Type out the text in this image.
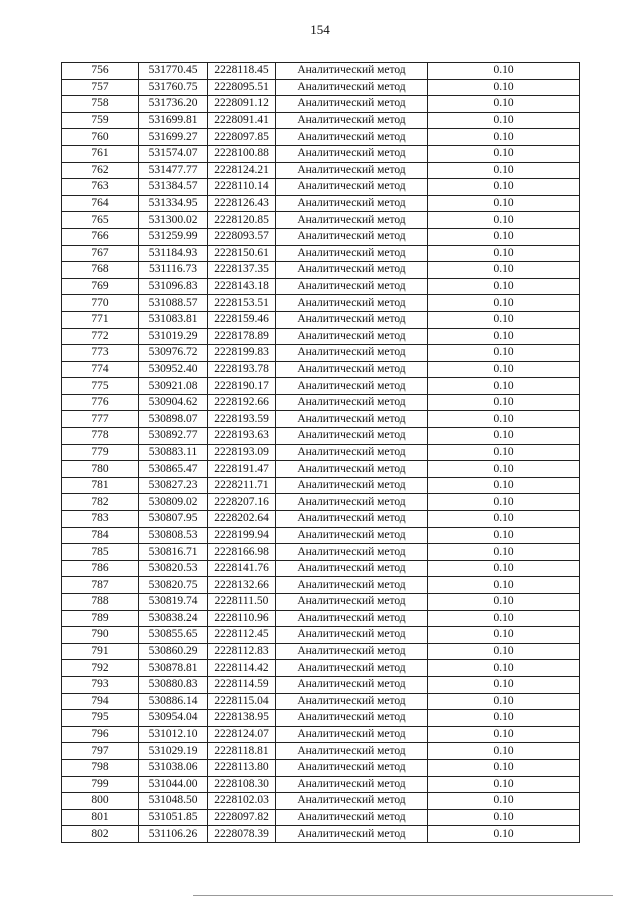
154
756	531770.45	2228118.45	Аналитический метод	0.10
757	531760.75	2228095.51	Аналитический метод	0.10
758	531736.20	2228091.12	Аналитический метод	0.10
759	531699.81	2228091.41	Аналитический метод	0.10
760	531699.27	2228097.85	Аналитический метод	0.10
761	531574.07	2228100.88	Аналитический метод	0.10
762	531477.77	2228124.21	Аналитический метод	0.10
763	531384.57	2228110.14	Аналитический метод	0.10
764	531334.95	2228126.43	Аналитический метод	0.10
765	531300.02	2228120.85	Аналитический метод	0.10
766	531259.99	2228093.57	Аналитический метод	0.10
767	531184.93	2228150.61	Аналитический метод	0.10
768	531116.73	2228137.35	Аналитический метод	0.10
769	531096.83	2228143.18	Аналитический метод	0.10
770	531088.57	2228153.51	Аналитический метод	0.10
771	531083.81	2228159.46	Аналитический метод	0.10
772	531019.29	2228178.89	Аналитический метод	0.10
773	530976.72	2228199.83	Аналитический метод	0.10
774	530952.40	2228193.78	Аналитический метод	0.10
775	530921.08	2228190.17	Аналитический метод	0.10
776	530904.62	2228192.66	Аналитический метод	0.10
777	530898.07	2228193.59	Аналитический метод	0.10
778	530892.77	2228193.63	Аналитический метод	0.10
779	530883.11	2228193.09	Аналитический метод	0.10
780	530865.47	2228191.47	Аналитический метод	0.10
781	530827.23	2228211.71	Аналитический метод	0.10
782	530809.02	2228207.16	Аналитический метод	0.10
783	530807.95	2228202.64	Аналитический метод	0.10
784	530808.53	2228199.94	Аналитический метод	0.10
785	530816.71	2228166.98	Аналитический метод	0.10
786	530820.53	2228141.76	Аналитический метод	0.10
787	530820.75	2228132.66	Аналитический метод	0.10
788	530819.74	2228111.50	Аналитический метод	0.10
789	530838.24	2228110.96	Аналитический метод	0.10
790	530855.65	2228112.45	Аналитический метод	0.10
791	530860.29	2228112.83	Аналитический метод	0.10
792	530878.81	2228114.42	Аналитический метод	0.10
793	530880.83	2228114.59	Аналитический метод	0.10
794	530886.14	2228115.04	Аналитический метод	0.10
795	530954.04	2228138.95	Аналитический метод	0.10
796	531012.10	2228124.07	Аналитический метод	0.10
797	531029.19	2228118.81	Аналитический метод	0.10
798	531038.06	2228113.80	Аналитический метод	0.10
799	531044.00	2228108.30	Аналитический метод	0.10
800	531048.50	2228102.03	Аналитический метод	0.10
801	531051.85	2228097.82	Аналитический метод	0.10
802	531106.26	2228078.39	Аналитический метод	0.10
